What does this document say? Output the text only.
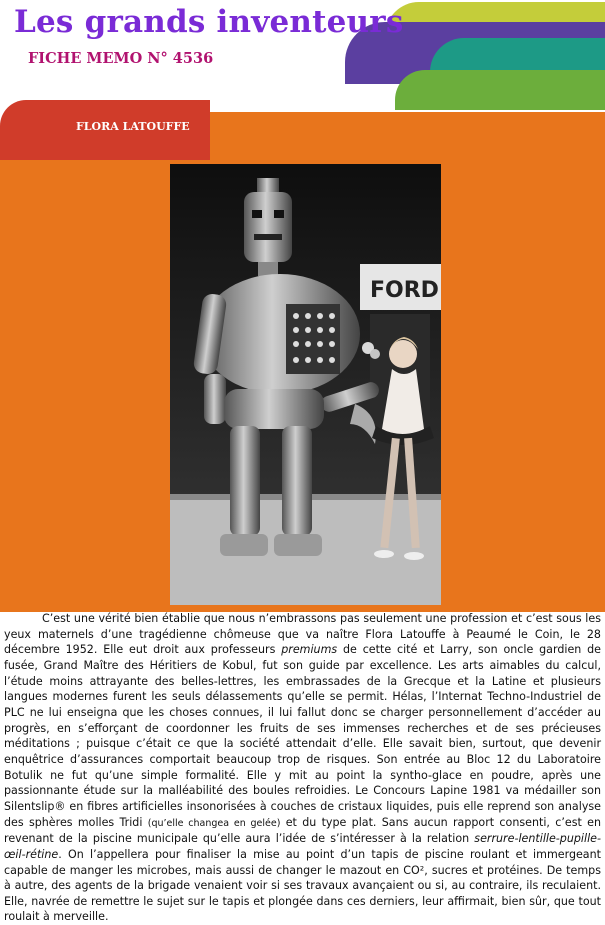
Les grands inventeurs
FICHE MEMO N° 4536
FLORA LATOUFFE
FORD

C’est une vérité bien établie que nous n’embrassons pas seulement une profession et c’est sous les yeux maternels d’une tragédienne chômeuse que va naître Flora Latouffe à Peaumé le Coin, le 28 décembre 1952. Elle eut droit aux professeurs premiums de cette cité et Larry, son oncle gardien de fusée, Grand Maître des Héritiers de Kobul, fut son guide par excellence. Les arts aimables du calcul, l’étude moins attrayante des belles-lettres, les embrassades de la Grecque et la Latine et plusieurs langues modernes furent les seuls délassements qu’elle se permit. Hélas, l’Internat Techno-Industriel de PLC ne lui enseigna que les choses connues, il lui fallut donc se charger personnellement d’accéder au progrès, en s’efforçant de coordonner les fruits de ses immenses recherches et de ses précieuses méditations ; puisque c’était ce que la société attendait d’elle. Elle savait bien, surtout, que devenir enquêtrice d’assurances comportait beaucoup trop de risques. Son entrée au Bloc 12 du Laboratoire Botulik ne fut qu’une simple formalité. Elle y mit au point la syntho-glace en poudre, après une passionnante étude sur la malléabilité des boules refroidies. Le Concours Lapine 1981 va médailler son Silentslip® en fibres artificielles insonorisées à couches de cristaux liquides, puis elle reprend son analyse des sphères molles Tridi (qu’elle changea en gelée) et du type plat. Sans aucun rapport consenti, c’est en revenant de la piscine municipale qu’elle aura l’idée de s’intéresser à la relation serrure-lentille-pupille-œil-rétine. On l’appellera pour finaliser la mise au point d’un tapis de piscine roulant et immergeant capable de manger les microbes, mais aussi de changer le mazout en CO², sucres et protéines. De temps à autre, des agents de la brigade venaient voir si ses travaux avançaient ou si, au contraire, ils reculaient. Elle, navrée de remettre le sujet sur le tapis et plongée dans ces derniers, leur affirmait, bien sûr, que tout roulait à merveille.
